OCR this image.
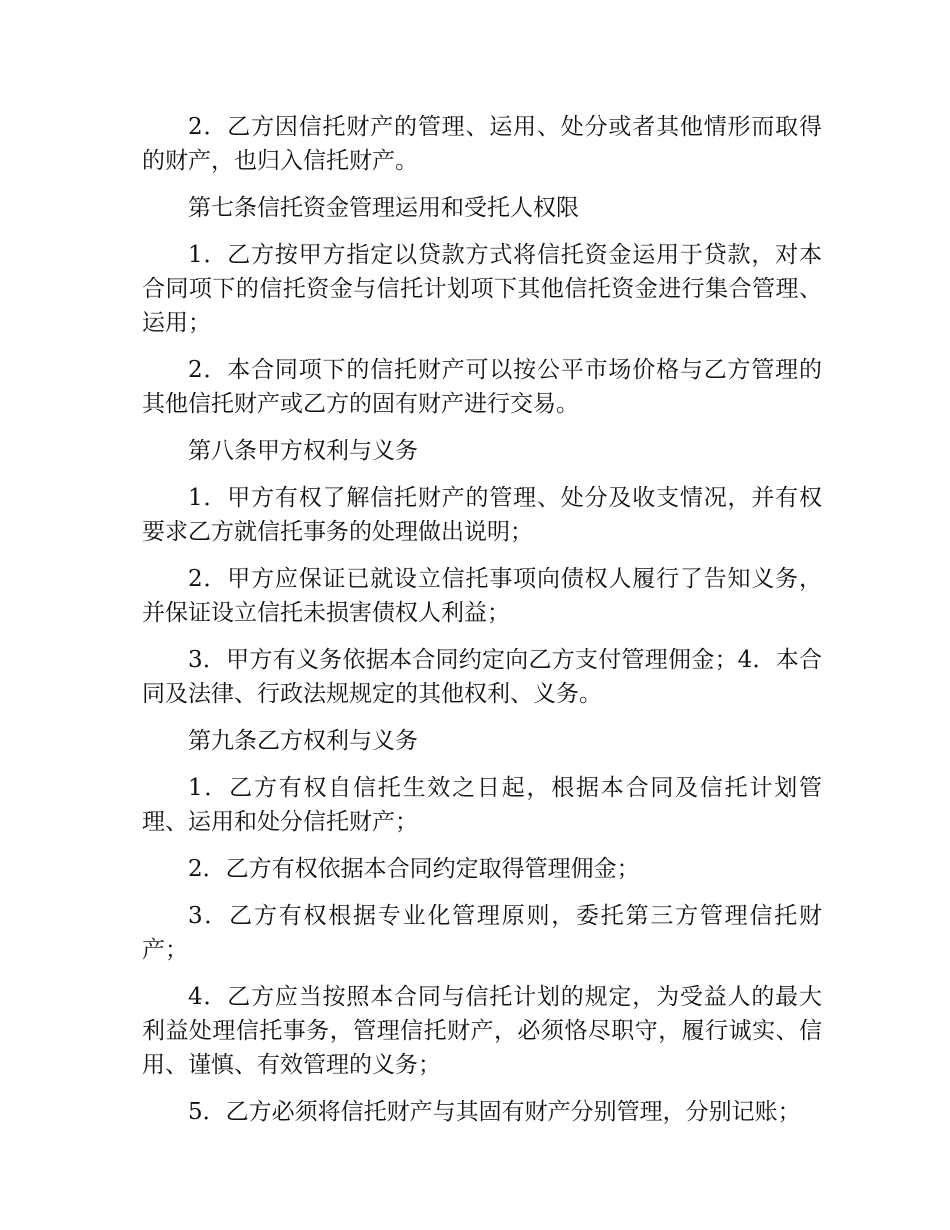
2．乙方因信托财产的管理、运用、处分或者其他情形而取得的财产，也归入信托财产。

第七条信托资金管理运用和受托人权限

1．乙方按甲方指定以贷款方式将信托资金运用于贷款，对本合同项下的信托资金与信托计划项下其他信托资金进行集合管理、运用；

2．本合同项下的信托财产可以按公平市场价格与乙方管理的其他信托财产或乙方的固有财产进行交易。

第八条甲方权利与义务

1．甲方有权了解信托财产的管理、处分及收支情况，并有权要求乙方就信托事务的处理做出说明；

2．甲方应保证已就设立信托事项向债权人履行了告知义务，并保证设立信托未损害债权人利益；

3．甲方有义务依据本合同约定向乙方支付管理佣金；4．本合同及法律、行政法规规定的其他权利、义务。

第九条乙方权利与义务

1．乙方有权自信托生效之日起，根据本合同及信托计划管理、运用和处分信托财产；

2．乙方有权依据本合同约定取得管理佣金；

3．乙方有权根据专业化管理原则，委托第三方管理信托财产；

4．乙方应当按照本合同与信托计划的规定，为受益人的最大利益处理信托事务，管理信托财产，必须恪尽职守，履行诚实、信用、谨慎、有效管理的义务；

5．乙方必须将信托财产与其固有财产分别管理，分别记账；
